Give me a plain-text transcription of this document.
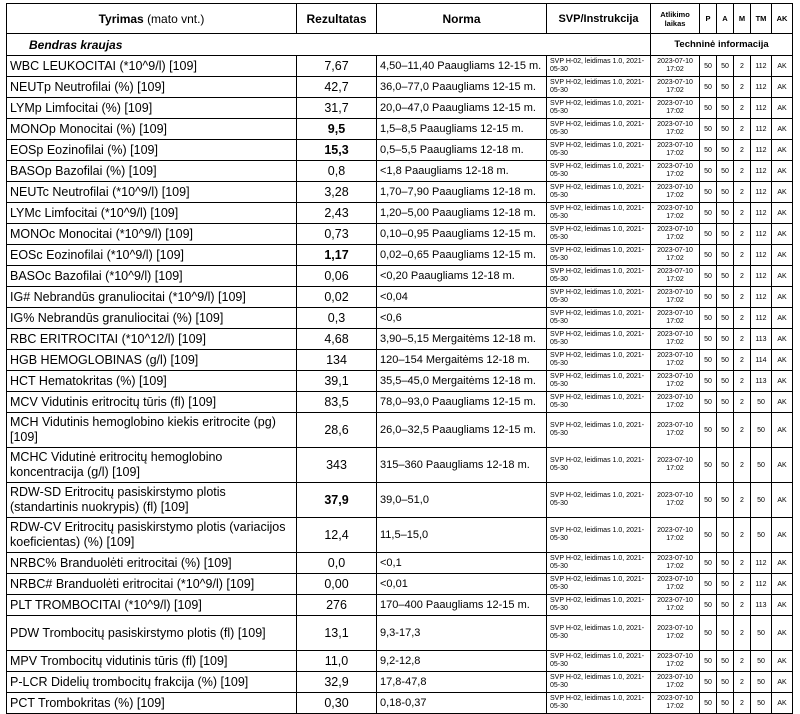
Tyrimas (mato vnt.)	Rezultatas	Norma	SVP/Instrukcija	Atlikimo
laikas	P	A	M	TM	AK
Bendras kraujas				Techninė informacija					
WBC LEUKOCITAI (*10^9/l) [109]	7,67	4,50–11,40 Paaugliams 12-15 m.	SVP H-02, leidimas 1.0, 2021-05-30	2023-07-10 17:02	50	50	2	112	AK
NEUTp Neutrofilai (%) [109]	42,7	36,0–77,0 Paaugliams 12-15 m.	SVP H-02, leidimas 1.0, 2021-05-30	2023-07-10 17:02	50	50	2	112	AK
LYMp Limfocitai (%) [109]	31,7	20,0–47,0 Paaugliams 12-15 m.	SVP H-02, leidimas 1.0, 2021-05-30	2023-07-10 17:02	50	50	2	112	AK
MONOp Monocitai (%) [109]	9,5	1,5–8,5 Paaugliams 12-15 m.	SVP H-02, leidimas 1.0, 2021-05-30	2023-07-10 17:02	50	50	2	112	AK
EOSp Eozinofilai (%) [109]	15,3	0,5–5,5 Paaugliams 12-18 m.	SVP H-02, leidimas 1.0, 2021-05-30	2023-07-10 17:02	50	50	2	112	AK
BASOp Bazofilai (%) [109]	0,8	<1,8 Paaugliams 12-18 m.	SVP H-02, leidimas 1.0, 2021-05-30	2023-07-10 17:02	50	50	2	112	AK
NEUTc Neutrofilai (*10^9/l) [109]	3,28	1,70–7,90 Paaugliams 12-18 m.	SVP H-02, leidimas 1.0, 2021-05-30	2023-07-10 17:02	50	50	2	112	AK
LYMc Limfocitai (*10^9/l) [109]	2,43	1,20–5,00 Paaugliams 12-18 m.	SVP H-02, leidimas 1.0, 2021-05-30	2023-07-10 17:02	50	50	2	112	AK
MONOc Monocitai (*10^9/l) [109]	0,73	0,10–0,95 Paaugliams 12-15 m.	SVP H-02, leidimas 1.0, 2021-05-30	2023-07-10 17:02	50	50	2	112	AK
EOSc Eozinofilai (*10^9/l) [109]	1,17	0,02–0,65 Paaugliams 12-15 m.	SVP H-02, leidimas 1.0, 2021-05-30	2023-07-10 17:02	50	50	2	112	AK
BASOc Bazofilai (*10^9/l) [109]	0,06	<0,20 Paaugliams 12-18 m.	SVP H-02, leidimas 1.0, 2021-05-30	2023-07-10 17:02	50	50	2	112	AK
IG# Nebrandūs granuliocitai (*10^9/l) [109]	0,02	<0,04	SVP H-02, leidimas 1.0, 2021-05-30	2023-07-10 17:02	50	50	2	112	AK
IG% Nebrandūs granuliocitai (%) [109]	0,3	<0,6	SVP H-02, leidimas 1.0, 2021-05-30	2023-07-10 17:02	50	50	2	112	AK
RBC ERITROCITAI (*10^12/l) [109]	4,68	3,90–5,15 Mergaitėms 12-18 m.	SVP H-02, leidimas 1.0, 2021-05-30	2023-07-10 17:02	50	50	2	113	AK
HGB HEMOGLOBINAS (g/l) [109]	134	120–154 Mergaitėms 12-18 m.	SVP H-02, leidimas 1.0, 2021-05-30	2023-07-10 17:02	50	50	2	114	AK
HCT Hematokritas (%) [109]	39,1	35,5–45,0 Mergaitėms 12-18 m.	SVP H-02, leidimas 1.0, 2021-05-30	2023-07-10 17:02	50	50	2	113	AK
MCV Vidutinis eritrocitų tūris (fl) [109]	83,5	78,0–93,0 Paaugliams 12-15 m.	SVP H-02, leidimas 1.0, 2021-05-30	2023-07-10 17:02	50	50	2	50	AK
MCH Vidutinis hemoglobino kiekis eritrocite (pg) [109]	28,6	26,0–32,5 Paaugliams 12-15 m.	SVP H-02, leidimas 1.0, 2021-05-30	2023-07-10 17:02	50	50	2	50	AK
MCHC Vidutinė eritrocitų hemoglobino koncentracija (g/l) [109]	343	315–360 Paaugliams 12-18 m.	SVP H-02, leidimas 1.0, 2021-05-30	2023-07-10 17:02	50	50	2	50	AK
RDW-SD Eritrocitų pasiskirstymo plotis (standartinis nuokrypis) (fl) [109]	37,9	39,0–51,0	SVP H-02, leidimas 1.0, 2021-05-30	2023-07-10 17:02	50	50	2	50	AK
RDW-CV Eritrocitų pasiskirstymo plotis (variacijos koeficientas) (%) [109]	12,4	11,5–15,0	SVP H-02, leidimas 1.0, 2021-05-30	2023-07-10 17:02	50	50	2	50	AK
NRBC% Branduolėti eritrocitai (%) [109]	0,0	<0,1	SVP H-02, leidimas 1.0, 2021-05-30	2023-07-10 17:02	50	50	2	112	AK
NRBC# Branduolėti eritrocitai (*10^9/l) [109]	0,00	<0,01	SVP H-02, leidimas 1.0, 2021-05-30	2023-07-10 17:02	50	50	2	112	AK
PLT TROMBOCITAI (*10^9/l) [109]	276	170–400 Paaugliams 12-15 m.	SVP H-02, leidimas 1.0, 2021-05-30	2023-07-10 17:02	50	50	2	113	AK
PDW Trombocitų pasiskirstymo plotis (fl) [109]	13,1	9,3-17,3	SVP H-02, leidimas 1.0, 2021-05-30	2023-07-10 17:02	50	50	2	50	AK
MPV Trombocitų vidutinis tūris (fl) [109]	11,0	9,2-12,8	SVP H-02, leidimas 1.0, 2021-05-30	2023-07-10 17:02	50	50	2	50	AK
P-LCR Didelių trombocitų frakcija (%) [109]	32,9	17,8-47,8	SVP H-02, leidimas 1.0, 2021-05-30	2023-07-10 17:02	50	50	2	50	AK
PCT Trombokritas (%) [109]	0,30	0,18-0,37	SVP H-02, leidimas 1.0, 2021-05-30	2023-07-10 17:02	50	50	2	50	AK
